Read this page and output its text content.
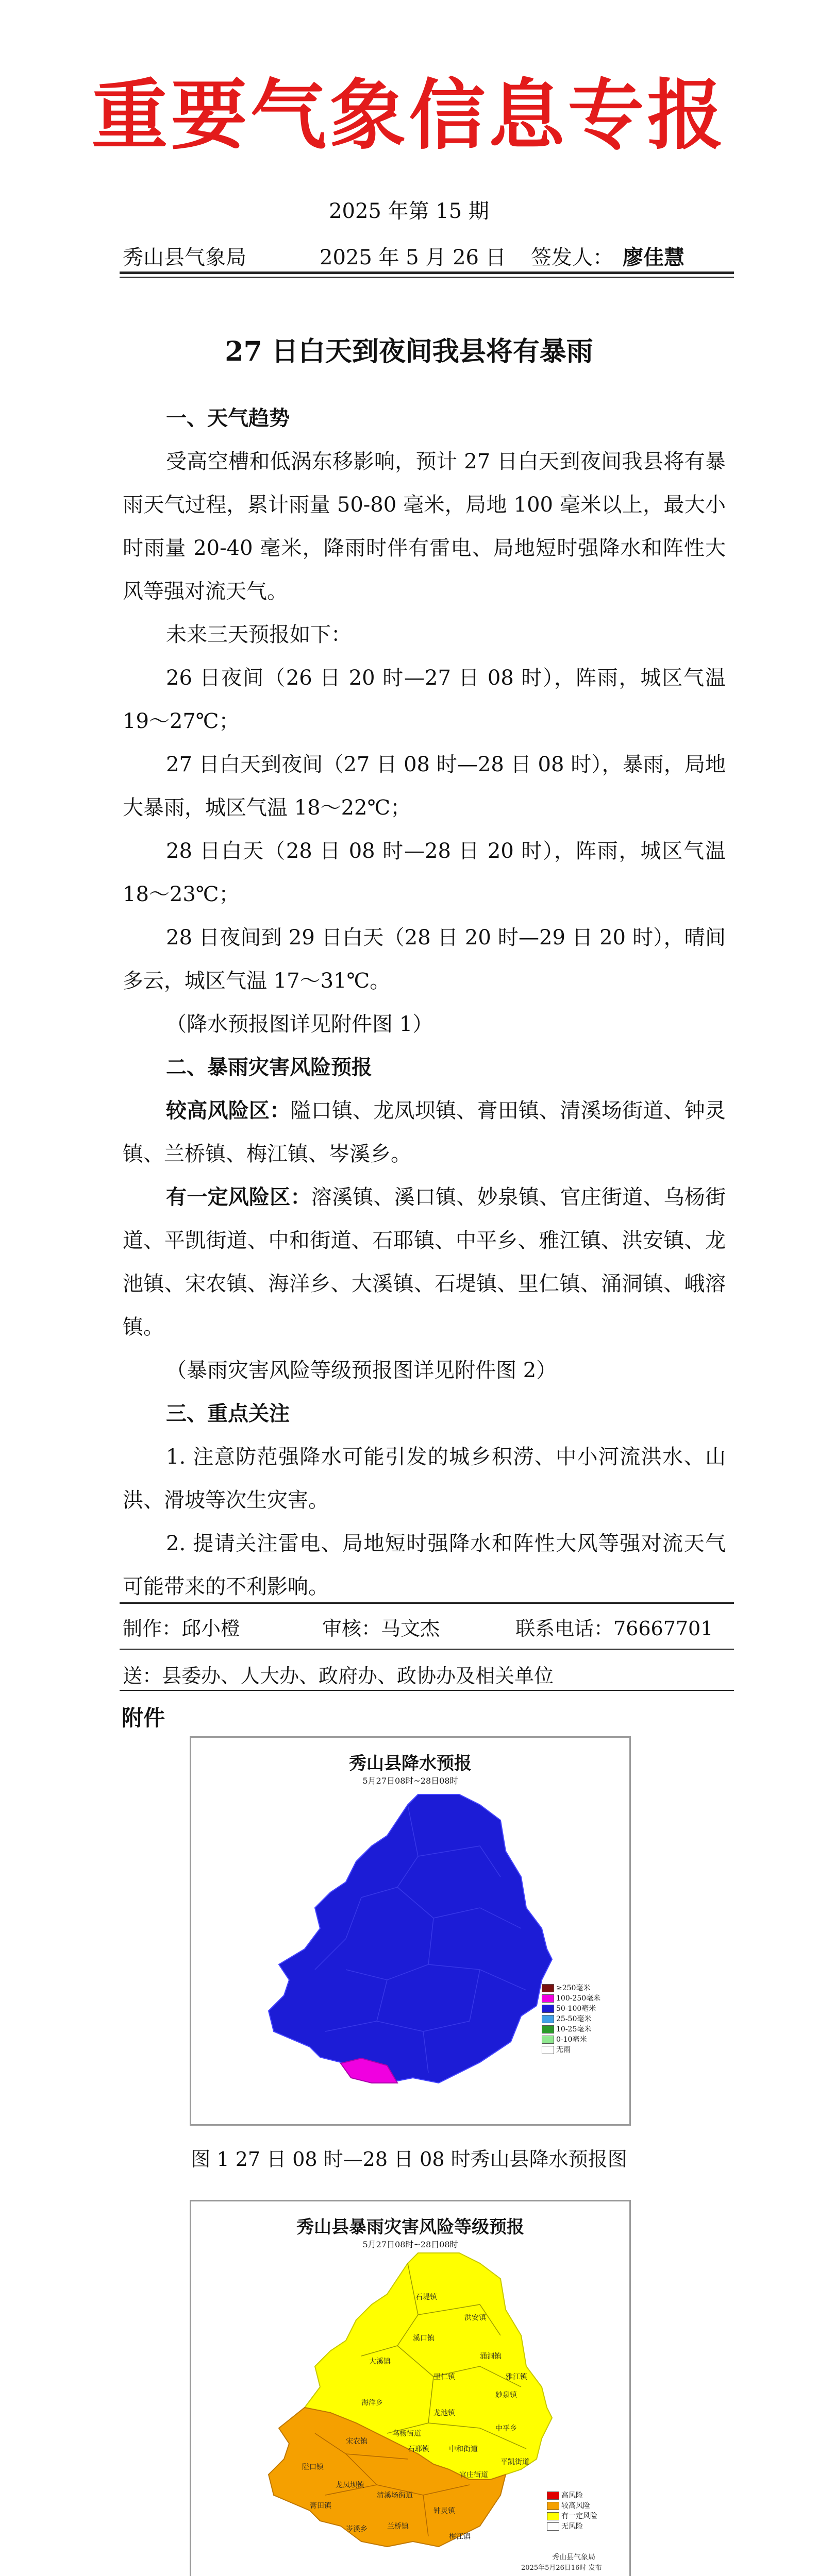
重要气象信息专报
2025 年第 15 期
秀山县气象局	2025 年 5 月 26 日 签发人： 廖佳慧
27 日白天到夜间我县将有暴雨

一、天气趋势

受高空槽和低涡东移影响，预计 27 日白天到夜间我县将有暴雨天气过程，累计雨量 50-80 毫米，局地 100 毫米以上，最大小时雨量 20-40 毫米，降雨时伴有雷电、局地短时强降水和阵性大风等强对流天气。

未来三天预报如下：

26 日夜间（26 日 20 时—27 日 08 时），阵雨，城区气温 19～27℃；

27 日白天到夜间（27 日 08 时—28 日 08 时），暴雨，局地大暴雨，城区气温 18～22℃；

28 日白天（28 日 08 时—28 日 20 时），阵雨，城区气温 18～23℃；

28 日夜间到 29 日白天（28 日 20 时—29 日 20 时），晴间多云，城区气温 17～31℃。

（降水预报图详见附件图 1）

二、暴雨灾害风险预报

较高风险区：隘口镇、龙凤坝镇、膏田镇、清溪场街道、钟灵镇、兰桥镇、梅江镇、岑溪乡。

有一定风险区：溶溪镇、溪口镇、妙泉镇、官庄街道、乌杨街道、平凯街道、中和街道、石耶镇、中平乡、雅江镇、洪安镇、龙池镇、宋农镇、海洋乡、大溪镇、石堤镇、里仁镇、涌洞镇、峨溶镇。

（暴雨灾害风险等级预报图详见附件图 2）

三、重点关注

1. 注意防范强降水可能引发的城乡积涝、中小河流洪水、山洪、滑坡等次生灾害。

2. 提请关注雷电、局地短时强降水和阵性大风等强对流天气可能带来的不利影响。

制作：邱小橙	审核：马文杰	联系电话：76667701
送：县委办、人大办、政府办、政协办及相关单位
附件
秀山县降水预报
5月27日08时~28日08时
≥250毫米
100-250毫米
50-100毫米
25-50毫米
10-25毫米
0-10毫米
无雨
图 1 27 日 08 时—28 日 08 时秀山县降水预报图
秀山县暴雨灾害风险等级预报
5月27日08时~28日08时
石堤镇
洪安镇
溪口镇
涌洞镇
大溪镇
里仁镇
妙泉镇
海洋乡
龙池镇
中平乡
乌杨街道
中和街道
平凯街道
官庄街道
石耶镇
宋农镇
雅江镇
隘口镇
龙凤坝镇
膏田镇
清溪场街道
钟灵镇
兰桥镇
梅江镇
岑溪乡
高风险
较高风险
有一定风险
无风险
秀山县气象局
2025年5月26日16时 发布
